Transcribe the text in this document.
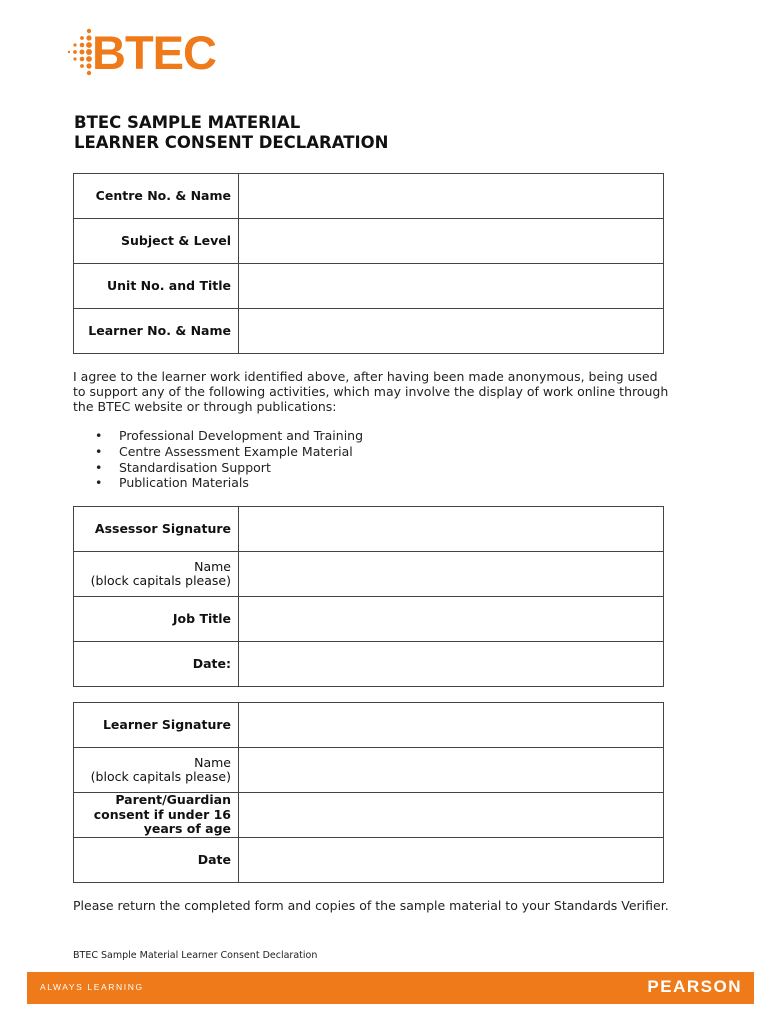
BTEC
BTEC SAMPLE MATERIAL
LEARNER CONSENT DECLARATION
Centre No. & Name	
Subject & Level	
Unit No. and Title	
Learner No. & Name	
I agree to the learner work identified above, after having been made anonymous, being used to support any of the following activities, which may involve the display of work online through the BTEC website or through publications:
• Professional Development and Training
• Centre Assessment Example Material
• Standardisation Support
• Publication Materials
Assessor Signature	
Name
(block capitals please)	

Job Title	
Date:	
Learner Signature	
Name
(block capitals please)	

Parent/Guardian
consent if under 16
years of age	

Date	
Please return the completed form and copies of the sample material to your Standards Verifier.
BTEC Sample Material Learner Consent Declaration
ALWAYS LEARNING	PEARSON
